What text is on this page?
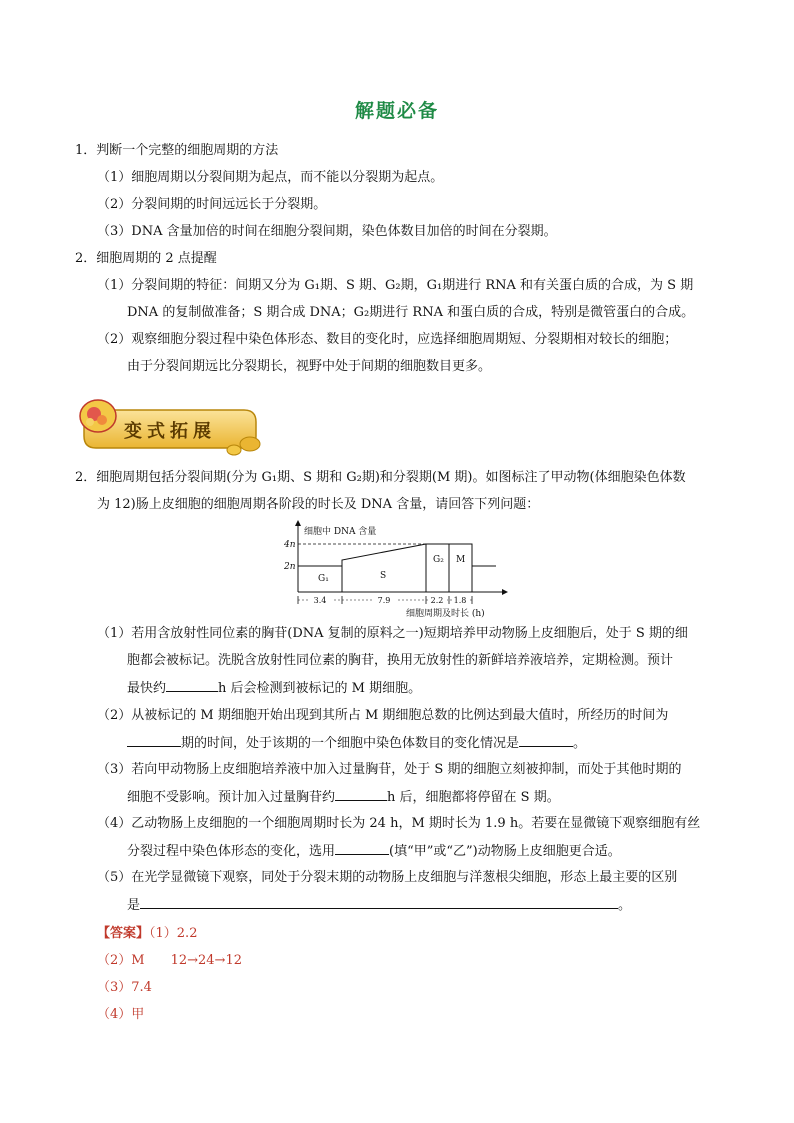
解题必备
1．判断一个完整的细胞周期的方法
（1）细胞周期以分裂间期为起点，而不能以分裂期为起点。
（2）分裂间期的时间远远长于分裂期。
（3）DNA 含量加倍的时间在细胞分裂间期，染色体数目加倍的时间在分裂期。
2．细胞周期的 2 点提醒
（1）分裂间期的特征：间期又分为 G₁期、S 期、G₂期，G₁期进行 RNA 和有关蛋白质的合成，为 S 期
DNA 的复制做准备；S 期合成 DNA；G₂期进行 RNA 和蛋白质的合成，特别是微管蛋白的合成。
（2）观察细胞分裂过程中染色体形态、数目的变化时，应选择细胞周期短、分裂期相对较长的细胞；
由于分裂间期远比分裂期长，视野中处于间期的细胞数目更多。
变式拓展
2．细胞周期包括分裂间期(分为 G₁期、S 期和 G₂期)和分裂期(M 期)。如图标注了甲动物(体细胞染色体数
为 12)肠上皮细胞的细胞周期各阶段的时长及 DNA 含量，请回答下列问题：
细胞中 DNA 含量
4n
2n
G₁	S
G₂ M
3.4	7.9	2.2 1.8
细胞周期及时长 (h)
（1）若用含放射性同位素的胸苷(DNA 复制的原料之一)短期培养甲动物肠上皮细胞后，处于 S 期的细
胞都会被标记。洗脱含放射性同位素的胸苷，换用无放射性的新鲜培养液培养，定期检测。预计
最快约	h 后会检测到被标记的 M 期细胞。
（2）从被标记的 M 期细胞开始出现到其所占 M 期细胞总数的比例达到最大值时，所经历的时间为
期的时间，处于该期的一个细胞中染色体数目的变化情况是	。
（3）若向甲动物肠上皮细胞培养液中加入过量胸苷，处于 S 期的细胞立刻被抑制，而处于其他时期的
细胞不受影响。预计加入过量胸苷约	h 后，细胞都将停留在 S 期。
（4）乙动物肠上皮细胞的一个细胞周期时长为 24 h，M 期时长为 1.9 h。若要在显微镜下观察细胞有丝
分裂过程中染色体形态的变化，选用	(填“甲”或“乙”)动物肠上皮细胞更合适。
（5）在光学显微镜下观察，同处于分裂末期的动物肠上皮细胞与洋葱根尖细胞，形态上最主要的区别
是	。
【答案】（1）2.2
（2）M　　12→24→12
（3）7.4
（4）甲
